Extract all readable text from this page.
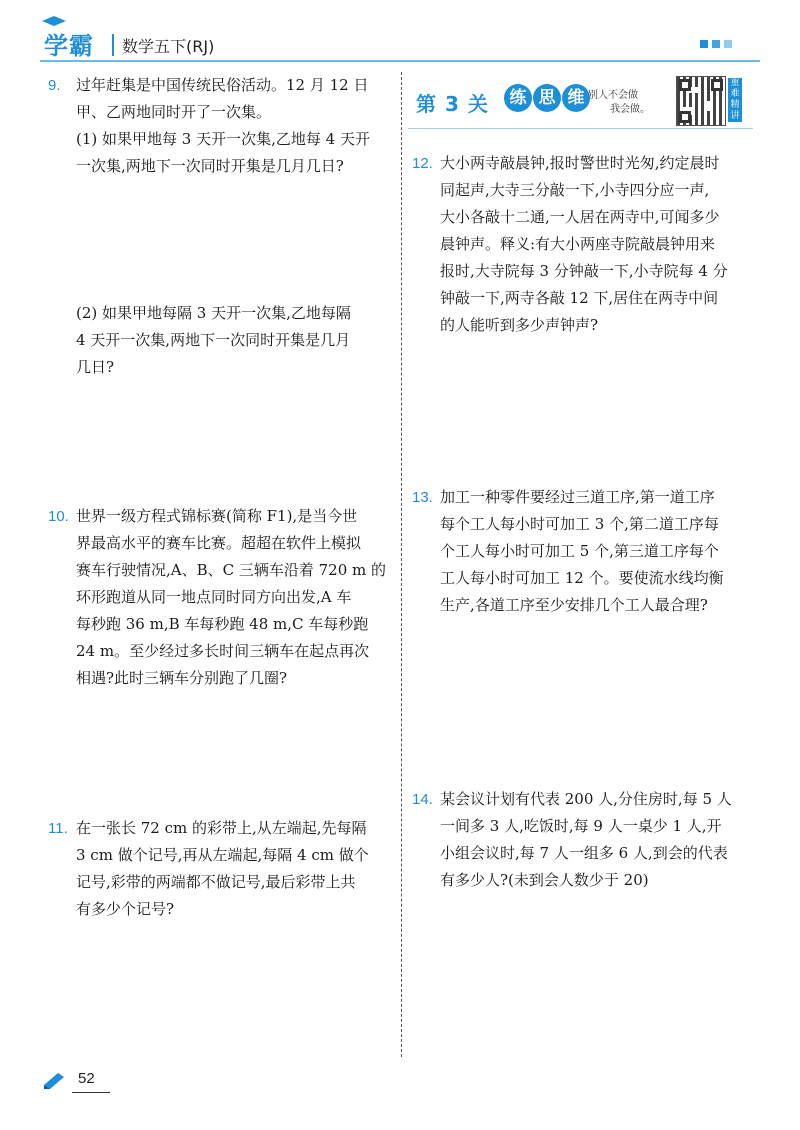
学霸 数学五下(RJ)
9. 过年赶集是中国传统民俗活动。12 月 12 日
甲、乙两地同时开了一次集。
(1) 如果甲地每 3 天开一次集,乙地每 4 天开
一次集,两地下一次同时开集是几月几日?
(2) 如果甲地每隔 3 天开一次集,乙地每隔
4 天开一次集,两地下一次同时开集是几月
几日?
10. 世界一级方程式锦标赛(简称 F1),是当今世
界最高水平的赛车比赛。超超在软件上模拟
赛车行驶情况,A、B、C 三辆车沿着 720 m 的
环形跑道从同一地点同时同方向出发,A 车
每秒跑 36 m,B 车每秒跑 48 m,C 车每秒跑
24 m。至少经过多长时间三辆车在起点再次
相遇?此时三辆车分别跑了几圈?
11. 在一张长 72 cm 的彩带上,从左端起,先每隔
3 cm 做个记号,再从左端起,每隔 4 cm 做个
记号,彩带的两端都不做记号,最后彩带上共
有多少个记号?
第 3 关	练 思 维 别人不会做
我会做。
重难精讲
12. 大小两寺敲晨钟,报时警世时光匆,约定晨时
同起声,大寺三分敲一下,小寺四分应一声,
大小各敲十二通,一人居在两寺中,可闻多少
晨钟声。释义:有大小两座寺院敲晨钟用来
报时,大寺院每 3 分钟敲一下,小寺院每 4 分
钟敲一下,两寺各敲 12 下,居住在两寺中间
的人能听到多少声钟声?
13. 加工一种零件要经过三道工序,第一道工序
每个工人每小时可加工 3 个,第二道工序每
个工人每小时可加工 5 个,第三道工序每个
工人每小时可加工 12 个。要使流水线均衡
生产,各道工序至少安排几个工人最合理?
14. 某会议计划有代表 200 人,分住房时,每 5 人
一间多 3 人,吃饭时,每 9 人一桌少 1 人,开
小组会议时,每 7 人一组多 6 人,到会的代表
有多少人?(未到会人数少于 20)
52
